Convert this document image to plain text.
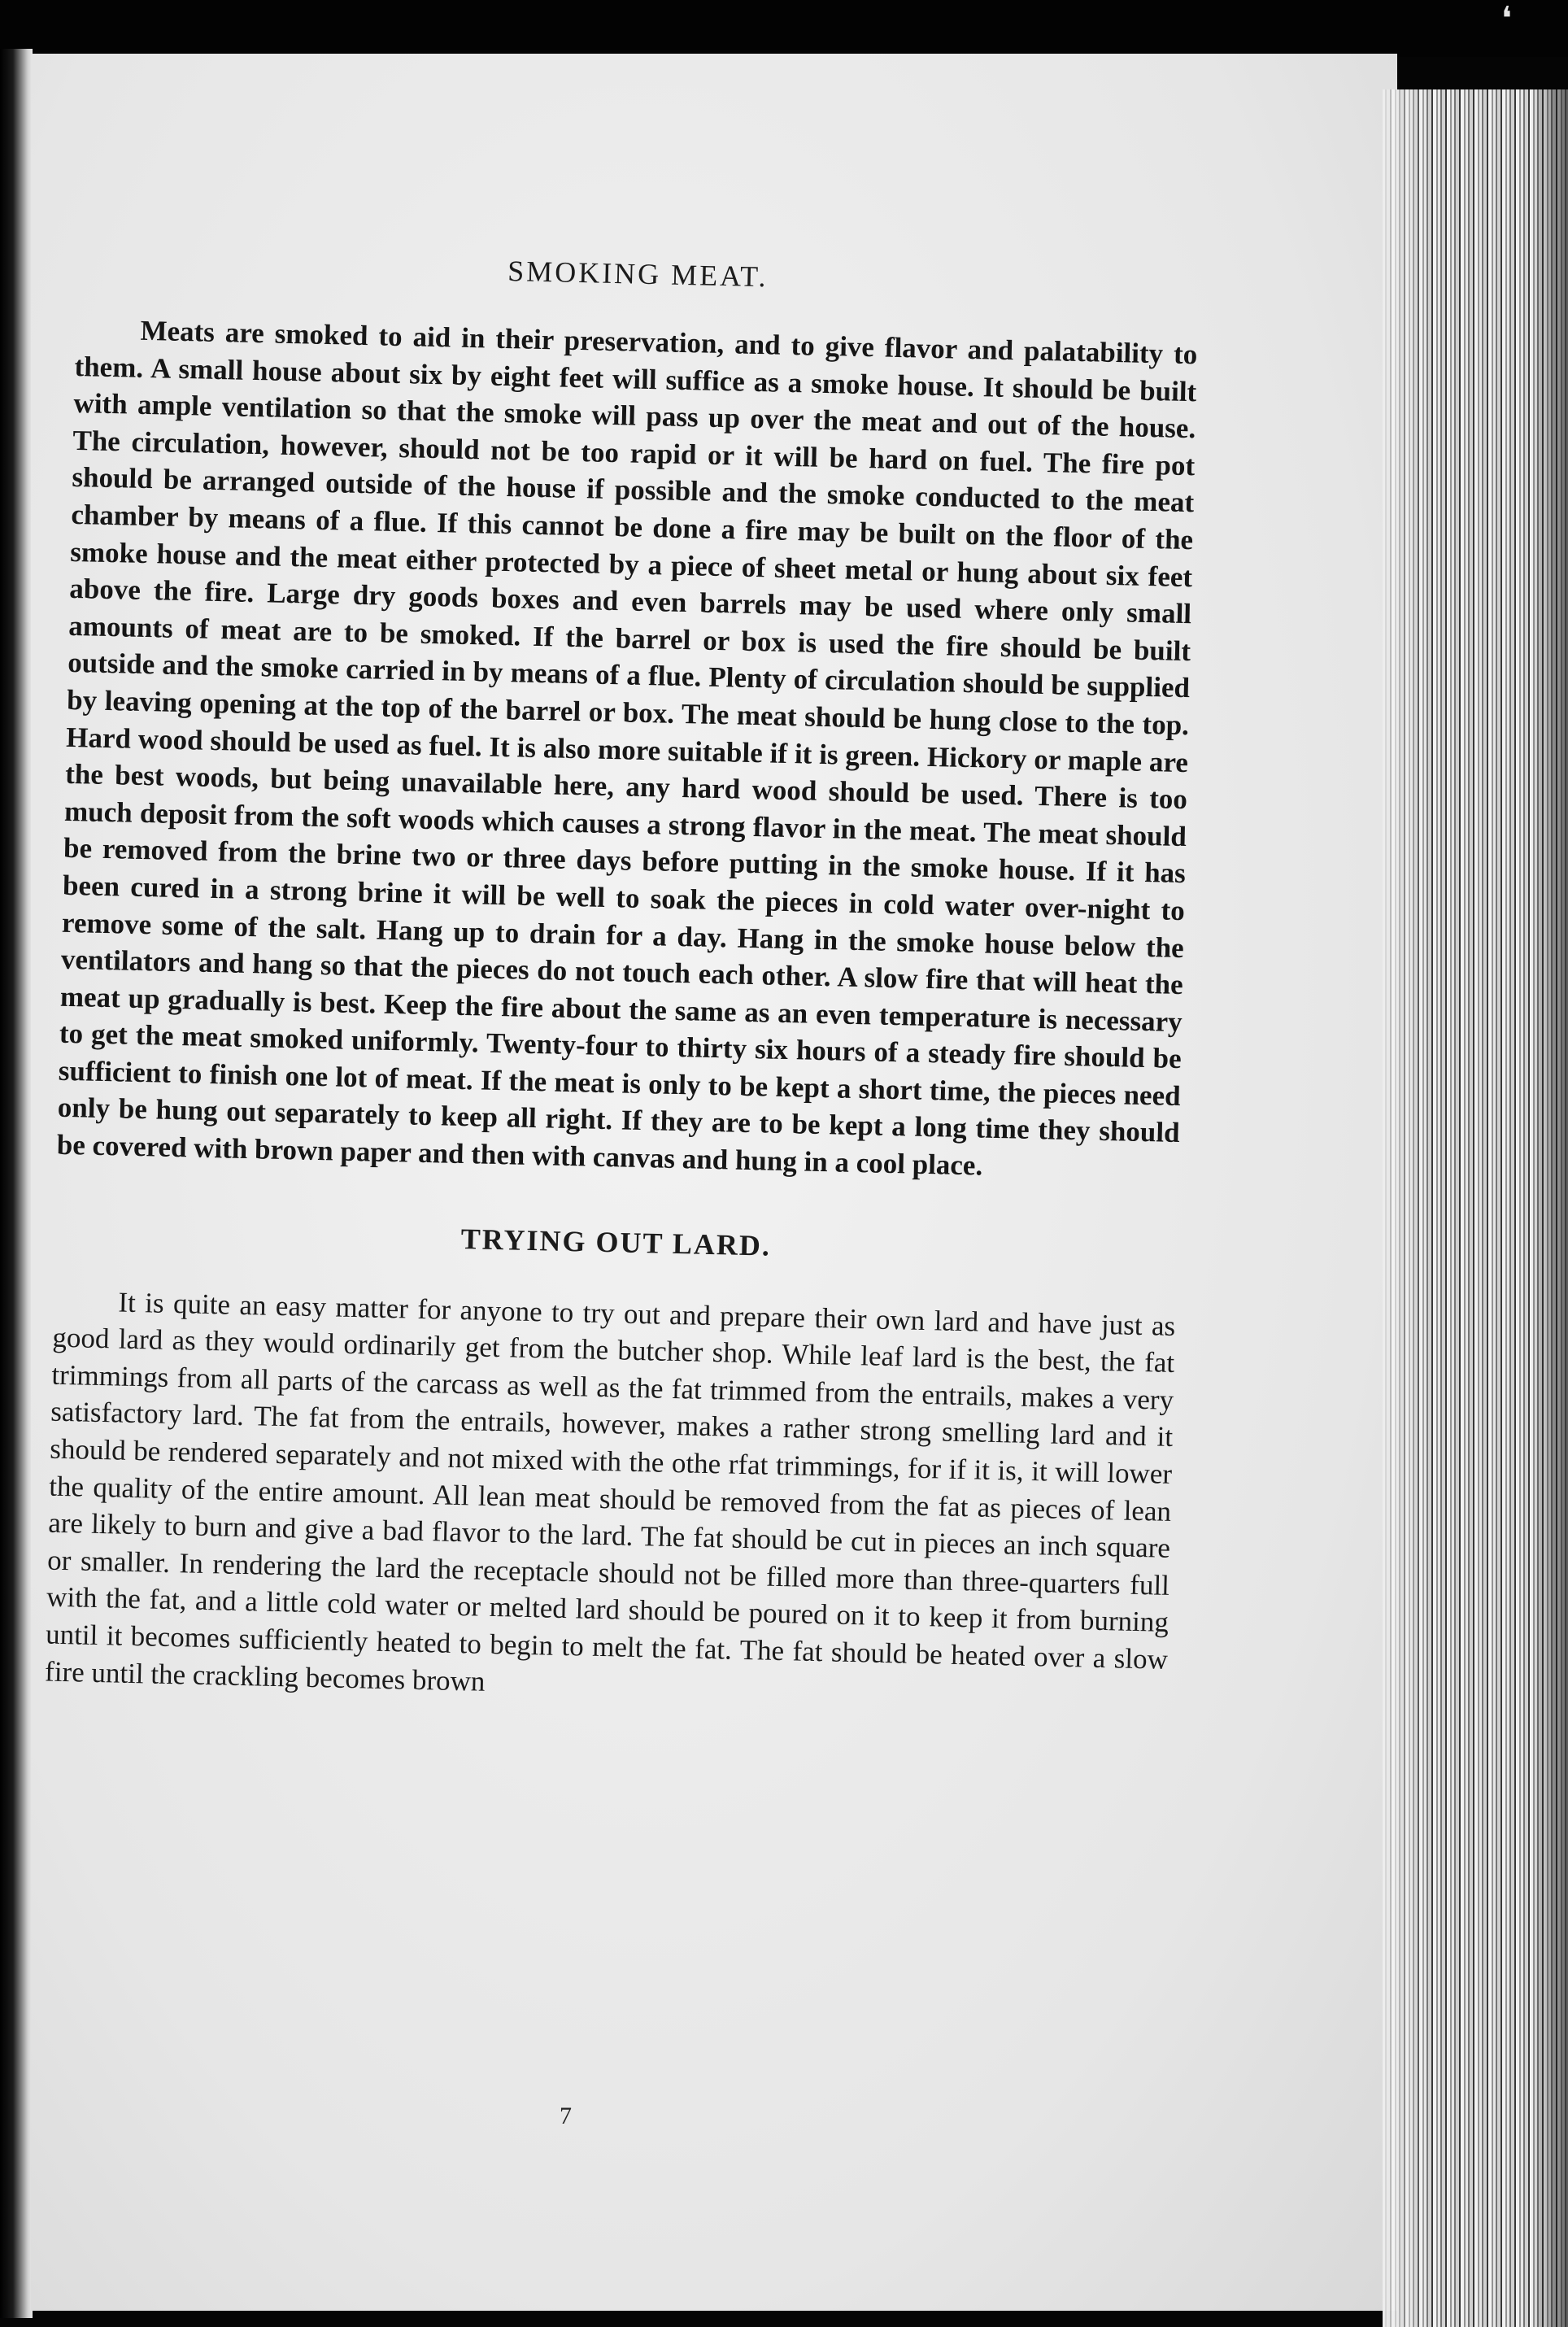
❛
SMOKING MEAT.

Meats are smoked to aid in their preservation, and to give flavor and palatability to them. A small house about six by eight feet will suffice as a smoke house. It should be built with ample ventilation so that the smoke will pass up over the meat and out of the house. The circulation, however, should not be too rapid or it will be hard on fuel. The fire pot should be arranged outside of the house if possible and the smoke conducted to the meat chamber by means of a flue. If this cannot be done a fire may be built on the floor of the smoke house and the meat either protected by a piece of sheet metal or hung about six feet above the fire. Large dry goods boxes and even barrels may be used where only small amounts of meat are to be smoked. If the barrel or box is used the fire should be built outside and the smoke carried in by means of a flue. Plenty of circulation should be supplied by leaving opening at the top of the barrel or box. The meat should be hung close to the top. Hard wood should be used as fuel. It is also more suitable if it is green. Hickory or maple are the best woods, but being unavailable here, any hard wood should be used. There is too much deposit from the soft woods which causes a strong flavor in the meat. The meat should be removed from the brine two or three days before putting in the smoke house. If it has been cured in a strong brine it will be well to soak the pieces in cold water over-night to remove some of the salt. Hang up to drain for a day. Hang in the smoke house below the ventilators and hang so that the pieces do not touch each other. A slow fire that will heat the meat up gradually is best. Keep the fire about the same as an even temperature is necessary to get the meat smoked uniformly. Twenty-four to thirty six hours of a steady fire should be sufficient to finish one lot of meat. If the meat is only to be kept a short time, the pieces need only be hung out separately to keep all right. If they are to be kept a long time they should be covered with brown paper and then with canvas and hung in a cool place.

TRYING OUT LARD.

It is quite an easy matter for anyone to try out and prepare their own lard and have just as good lard as they would ordinarily get from the butcher shop. While leaf lard is the best, the fat trimmings from all parts of the carcass as well as the fat trimmed from the entrails, makes a very satisfactory lard. The fat from the entrails, however, makes a rather strong smelling lard and it should be rendered separately and not mixed with the othe rfat trimmings, for if it is, it will lower the quality of the entire amount. All lean meat should be removed from the fat as pieces of lean are likely to burn and give a bad flavor to the lard. The fat should be cut in pieces an inch square or smaller. In rendering the lard the receptacle should not be filled more than three-quarters full with the fat, and a little cold water or melted lard should be poured on it to keep it from burning until it becomes sufficiently heated to begin to melt the fat. The fat should be heated over a slow fire until the crackling becomes brown

7
